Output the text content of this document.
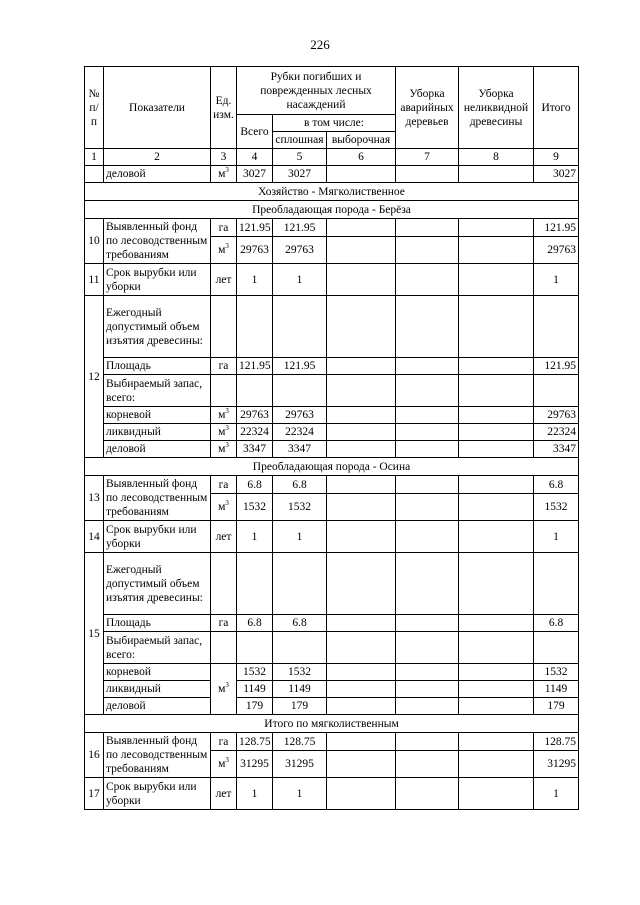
226
№ п/п	Показатели	Ед. изм.	Рубки погибших и поврежденных лесных насаждений			Уборка аварийных деревьев	Уборка неликвидной древесины	Итого
			Всего	в том числе:				
				сплошная	выборочная			

1	2	3	4	5	6	7	8	9
	деловой	$м^3$	3027	3027				3027
Хозяйство - Мягколиственное								
Преобладающая порода - Берёза								
10	Выявленный фонд по лесоводственным требованиям	га	121.95	121.95				121.95
		$м^3$	29763	29763				29763
11	Срок вырубки или уборки	лет	1	1				1
12	Ежегодный допустимый объем изъятия древесины:							
	Площадь	га	121.95	121.95				121.95
	Выбираемый запас, всего:							
	корневой	$м^3$	29763	29763				29763
	ликвидный	$м^3$	22324	22324				22324
	деловой	$м^3$	3347	3347				3347

Преобладающая порода - Осина								
13	Выявленный фонд по лесоводственным требованиям	га	6.8	6.8				6.8
		$м^3$	1532	1532				1532
14	Срок вырубки или уборки	лет	1	1				1
15	Ежегодный допустимый объем изъятия древесины:							
	Площадь	га	6.8	6.8				6.8
	Выбираемый запас, всего:							
	корневой	$м^3$	1532	1532				1532
	ликвидный		1149	1149				1149
	деловой		179	179				179
Итого по мягколиственным								
16	Выявленный фонд по лесоводственным требованиям	га	128.75	128.75				128.75
		$м^3$	31295	31295				31295
17	Срок вырубки или уборки	лет	1	1				1
